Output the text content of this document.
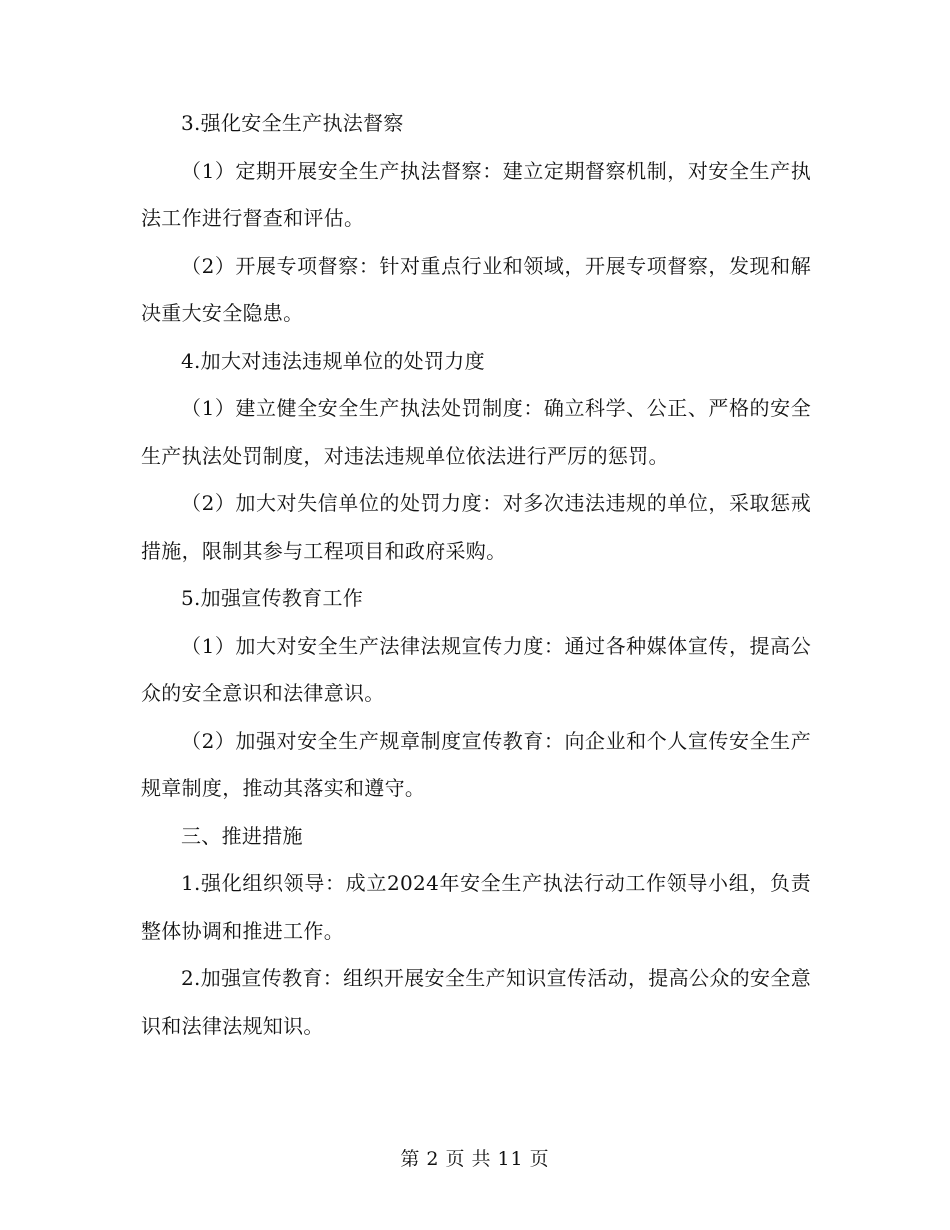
3.强化安全生产执法督察

（1）定期开展安全生产执法督察：建立定期督察机制，对安全生产执法工作进行督查和评估。

（2）开展专项督察：针对重点行业和领域，开展专项督察，发现和解决重大安全隐患。

4.加大对违法违规单位的处罚力度

（1）建立健全安全生产执法处罚制度：确立科学、公正、严格的安全生产执法处罚制度，对违法违规单位依法进行严厉的惩罚。

（2）加大对失信单位的处罚力度：对多次违法违规的单位，采取惩戒措施，限制其参与工程项目和政府采购。

5.加强宣传教育工作

（1）加大对安全生产法律法规宣传力度：通过各种媒体宣传，提高公众的安全意识和法律意识。

（2）加强对安全生产规章制度宣传教育：向企业和个人宣传安全生产规章制度，推动其落实和遵守。

三、推进措施

1.强化组织领导：成立2024年安全生产执法行动工作领导小组，负责整体协调和推进工作。

2.加强宣传教育：组织开展安全生产知识宣传活动，提高公众的安全意识和法律法规知识。

第 2 页 共 11 页
